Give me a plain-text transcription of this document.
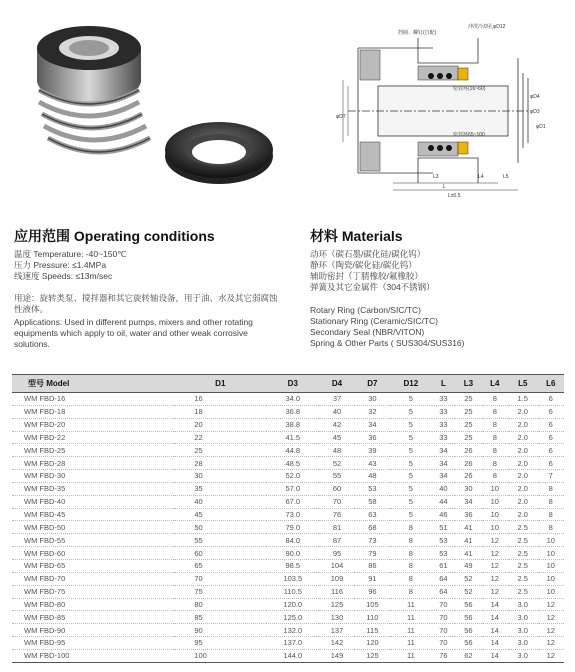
冲洗冷却孔φD12
挡圈、螺钉(自配)
密封环(16~60)
密封环65~100
φD7
φD4
φD3
φD1
L3	L4
L
L5
L±0.5
应用范围 Operating conditions
温度 Temperature: -40~150℃
压力 Pressure: ≤1.4MPa
线速度 Speeds: ≤13m/sec
用途：旋转类泵、搅拌器和其它旋转轴设备，用于油、水及其它弱腐蚀性液体。
Applications: Used in different pumps, mixers and other rotating equipments which apply to oil, water and other weak corrosive solutions.
材料 Materials
动环（碳石墨/碳化硅/碳化钨）
静环（陶瓷/碳化硅/碳化钨）
辅助密封（丁腈橡胶/氟橡胶）
弹簧及其它金属件（304不锈钢）
Rotary Ring (Carbon/SIC/TC)
Stationary Ring (Ceramic/SIC/TC)
Secondary Seal (NBR/VITON)
Spring & Other Parts ( SUS304/SUS316)
型号 Model	D1	D3	D4	D7	D12	L	L3	L4	L5	L6
WM FBD-16	16	34.0	37	30	5	33	25	8	1.5	6
WM FBD-18	18	36.8	40	32	5	33	25	8	2.0	6
WM FBD-20	20	38.8	42	34	5	33	25	8	2.0	6
WM FBD-22	22	41.5	45	36	5	33	25	8	2.0	6
WM FBD-25	25	44.8	48	39	5	34	26	8	2.0	6
WM FBD-28	28	48.5	52	43	5	34	26	8	2.0	6
WM FBD-30	30	52.0	55	48	5	34	26	8	2.0	7
WM FBD-35	35	57.0	60	53	5	40	30	10	2.0	8
WM FBD-40	40	67.0	70	58	5	44	34	10	2.0	8
WM FBD-45	45	73.0	76	63	5	46	36	10	2.0	8
WM FBD-50	50	79.0	81	68	8	51	41	10	2.5	8
WM FBD-55	55	84.0	87	73	8	53	41	12	2.5	10
WM FBD-60	60	90.0	95	79	8	53	41	12	2.5	10
WM FBD-65	65	98.5	104	86	8	61	49	12	2.5	10
WM FBD-70	70	103.5	109	91	8	64	52	12	2.5	10
WM FBD-75	75	110.5	116	96	8	64	52	12	2.5	10
WM FBD-80	80	120.0	125	105	11	70	56	14	3.0	12
WM FBD-85	85	125.0	130	110	11	70	56	14	3.0	12
WM FBD-90	90	132.0	137	115	11	70	56	14	3.0	12
WM FBD-95	95	137.0	142	120	11	70	56	14	3.0	12
WM FBD-100	100	144.0	149	125	11	76	62	14	3.0	12
